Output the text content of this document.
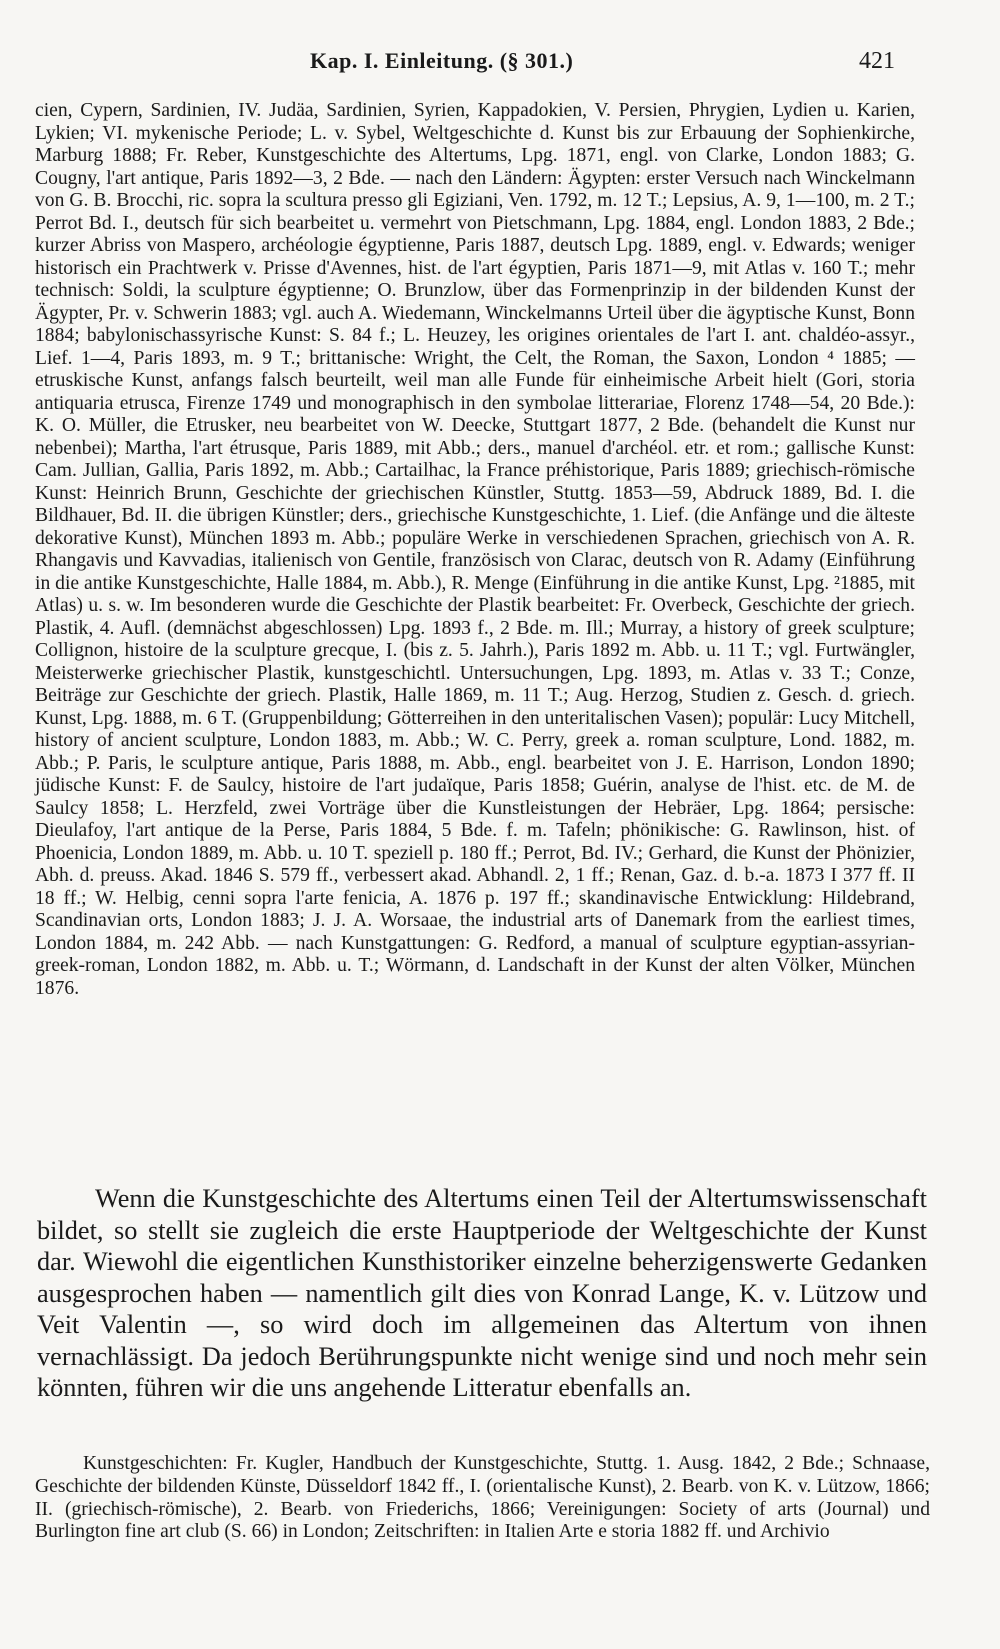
Kap. I. Einleitung. (§ 301.)	421

cien, Cypern, Sardinien, IV. Judäa, Sardinien, Syrien, Kappadokien, V. Persien, Phrygien, Lydien u. Karien, Lykien; VI. mykenische Periode; L. v. Sybel, Weltgeschichte d. Kunst bis zur Erbauung der Sophienkirche, Marburg 1888; Fr. Reber, Kunstgeschichte des Altertums, Lpg. 1871, engl. von Clarke, London 1883; G. Cougny, l'art antique, Paris 1892—3, 2 Bde. — nach den Ländern: Ägypten: erster Versuch nach Winckelmann von G. B. Brocchi, ric. sopra la scultura presso gli Egiziani, Ven. 1792, m. 12 T.; Lepsius, A. 9, 1—100, m. 2 T.; Perrot Bd. I., deutsch für sich bearbeitet u. vermehrt von Pietschmann, Lpg. 1884, engl. London 1883, 2 Bde.; kurzer Abriss von Maspero, archéologie égyptienne, Paris 1887, deutsch Lpg. 1889, engl. v. Edwards; weniger historisch ein Prachtwerk v. Prisse d'Avennes, hist. de l'art égyptien, Paris 1871—9, mit Atlas v. 160 T.; mehr technisch: Soldi, la sculpture égyptienne; O. Brunzlow, über das Formenprinzip in der bildenden Kunst der Ägypter, Pr. v. Schwerin 1883; vgl. auch A. Wiedemann, Winckelmanns Urteil über die ägyptische Kunst, Bonn 1884; babylonischassyrische Kunst: S. 84 f.; L. Heuzey, les origines orientales de l'art I. ant. chaldéo-assyr., Lief. 1—4, Paris 1893, m. 9 T.; brittanische: Wright, the Celt, the Roman, the Saxon, London ⁴ 1885; — etruskische Kunst, anfangs falsch beurteilt, weil man alle Funde für einheimische Arbeit hielt (Gori, storia antiquaria etrusca, Firenze 1749 und monographisch in den symbolae litterariae, Florenz 1748—54, 20 Bde.): K. O. Müller, die Etrusker, neu bearbeitet von W. Deecke, Stuttgart 1877, 2 Bde. (behandelt die Kunst nur nebenbei); Martha, l'art étrusque, Paris 1889, mit Abb.; ders., manuel d'archéol. etr. et rom.; gallische Kunst: Cam. Jullian, Gallia, Paris 1892, m. Abb.; Cartailhac, la France préhistorique, Paris 1889; griechisch-römische Kunst: Heinrich Brunn, Geschichte der griechischen Künstler, Stuttg. 1853—59, Abdruck 1889, Bd. I. die Bildhauer, Bd. II. die übrigen Künstler; ders., griechische Kunstgeschichte, 1. Lief. (die Anfänge und die älteste dekorative Kunst), München 1893 m. Abb.; populäre Werke in verschiedenen Sprachen, griechisch von A. R. Rhangavis und Kavvadias, italienisch von Gentile, französisch von Clarac, deutsch von R. Adamy (Einführung in die antike Kunstgeschichte, Halle 1884, m. Abb.), R. Menge (Einführung in die antike Kunst, Lpg. ²1885, mit Atlas) u. s. w. Im besonderen wurde die Geschichte der Plastik bearbeitet: Fr. Overbeck, Geschichte der griech. Plastik, 4. Aufl. (demnächst abgeschlossen) Lpg. 1893 f., 2 Bde. m. Ill.; Murray, a history of greek sculpture; Collignon, histoire de la sculpture grecque, I. (bis z. 5. Jahrh.), Paris 1892 m. Abb. u. 11 T.; vgl. Furtwängler, Meisterwerke griechischer Plastik, kunstgeschichtl. Untersuchungen, Lpg. 1893, m. Atlas v. 33 T.; Conze, Beiträge zur Geschichte der griech. Plastik, Halle 1869, m. 11 T.; Aug. Herzog, Studien z. Gesch. d. griech. Kunst, Lpg. 1888, m. 6 T. (Gruppenbildung; Götterreihen in den unteritalischen Vasen); populär: Lucy Mitchell, history of ancient sculpture, London 1883, m. Abb.; W. C. Perry, greek a. roman sculpture, Lond. 1882, m. Abb.; P. Paris, le sculpture antique, Paris 1888, m. Abb., engl. bearbeitet von J. E. Harrison, London 1890; jüdische Kunst: F. de Saulcy, histoire de l'art judaïque, Paris 1858; Guérin, analyse de l'hist. etc. de M. de Saulcy 1858; L. Herzfeld, zwei Vorträge über die Kunstleistungen der Hebräer, Lpg. 1864; persische: Dieulafoy, l'art antique de la Perse, Paris 1884, 5 Bde. f. m. Tafeln; phönikische: G. Rawlinson, hist. of Phoenicia, London 1889, m. Abb. u. 10 T. speziell p. 180 ff.; Perrot, Bd. IV.; Gerhard, die Kunst der Phönizier, Abh. d. preuss. Akad. 1846 S. 579 ff., verbessert akad. Abhandl. 2, 1 ff.; Renan, Gaz. d. b.-a. 1873 I 377 ff. II 18 ff.; W. Helbig, cenni sopra l'arte fenicia, A. 1876 p. 197 ff.; skandinavische Entwicklung: Hildebrand, Scandinavian orts, London 1883; J. J. A. Worsaae, the industrial arts of Danemark from the earliest times, London 1884, m. 242 Abb. — nach Kunstgattungen: G. Redford, a manual of sculpture egyptian-assyrian-greek-roman, London 1882, m. Abb. u. T.; Wörmann, d. Landschaft in der Kunst der alten Völker, München 1876.

Wenn die Kunstgeschichte des Altertums einen Teil der Altertumswissenschaft bildet, so stellt sie zugleich die erste Hauptperiode der Weltgeschichte der Kunst dar. Wiewohl die eigentlichen Kunsthistoriker einzelne beherzigenswerte Gedanken ausgesprochen haben — namentlich gilt dies von Konrad Lange, K. v. Lützow und Veit Valentin —, so wird doch im allgemeinen das Altertum von ihnen vernachlässigt. Da jedoch Berührungspunkte nicht wenige sind und noch mehr sein könnten, führen wir die uns angehende Litteratur ebenfalls an.

Kunstgeschichten: Fr. Kugler, Handbuch der Kunstgeschichte, Stuttg. 1. Ausg. 1842, 2 Bde.; Schnaase, Geschichte der bildenden Künste, Düsseldorf 1842 ff., I. (orientalische Kunst), 2. Bearb. von K. v. Lützow, 1866; II. (griechisch-römische), 2. Bearb. von Friederichs, 1866; Vereinigungen: Society of arts (Journal) und Burlington fine art club (S. 66) in London; Zeitschriften: in Italien Arte e storia 1882 ff. und Archivio
